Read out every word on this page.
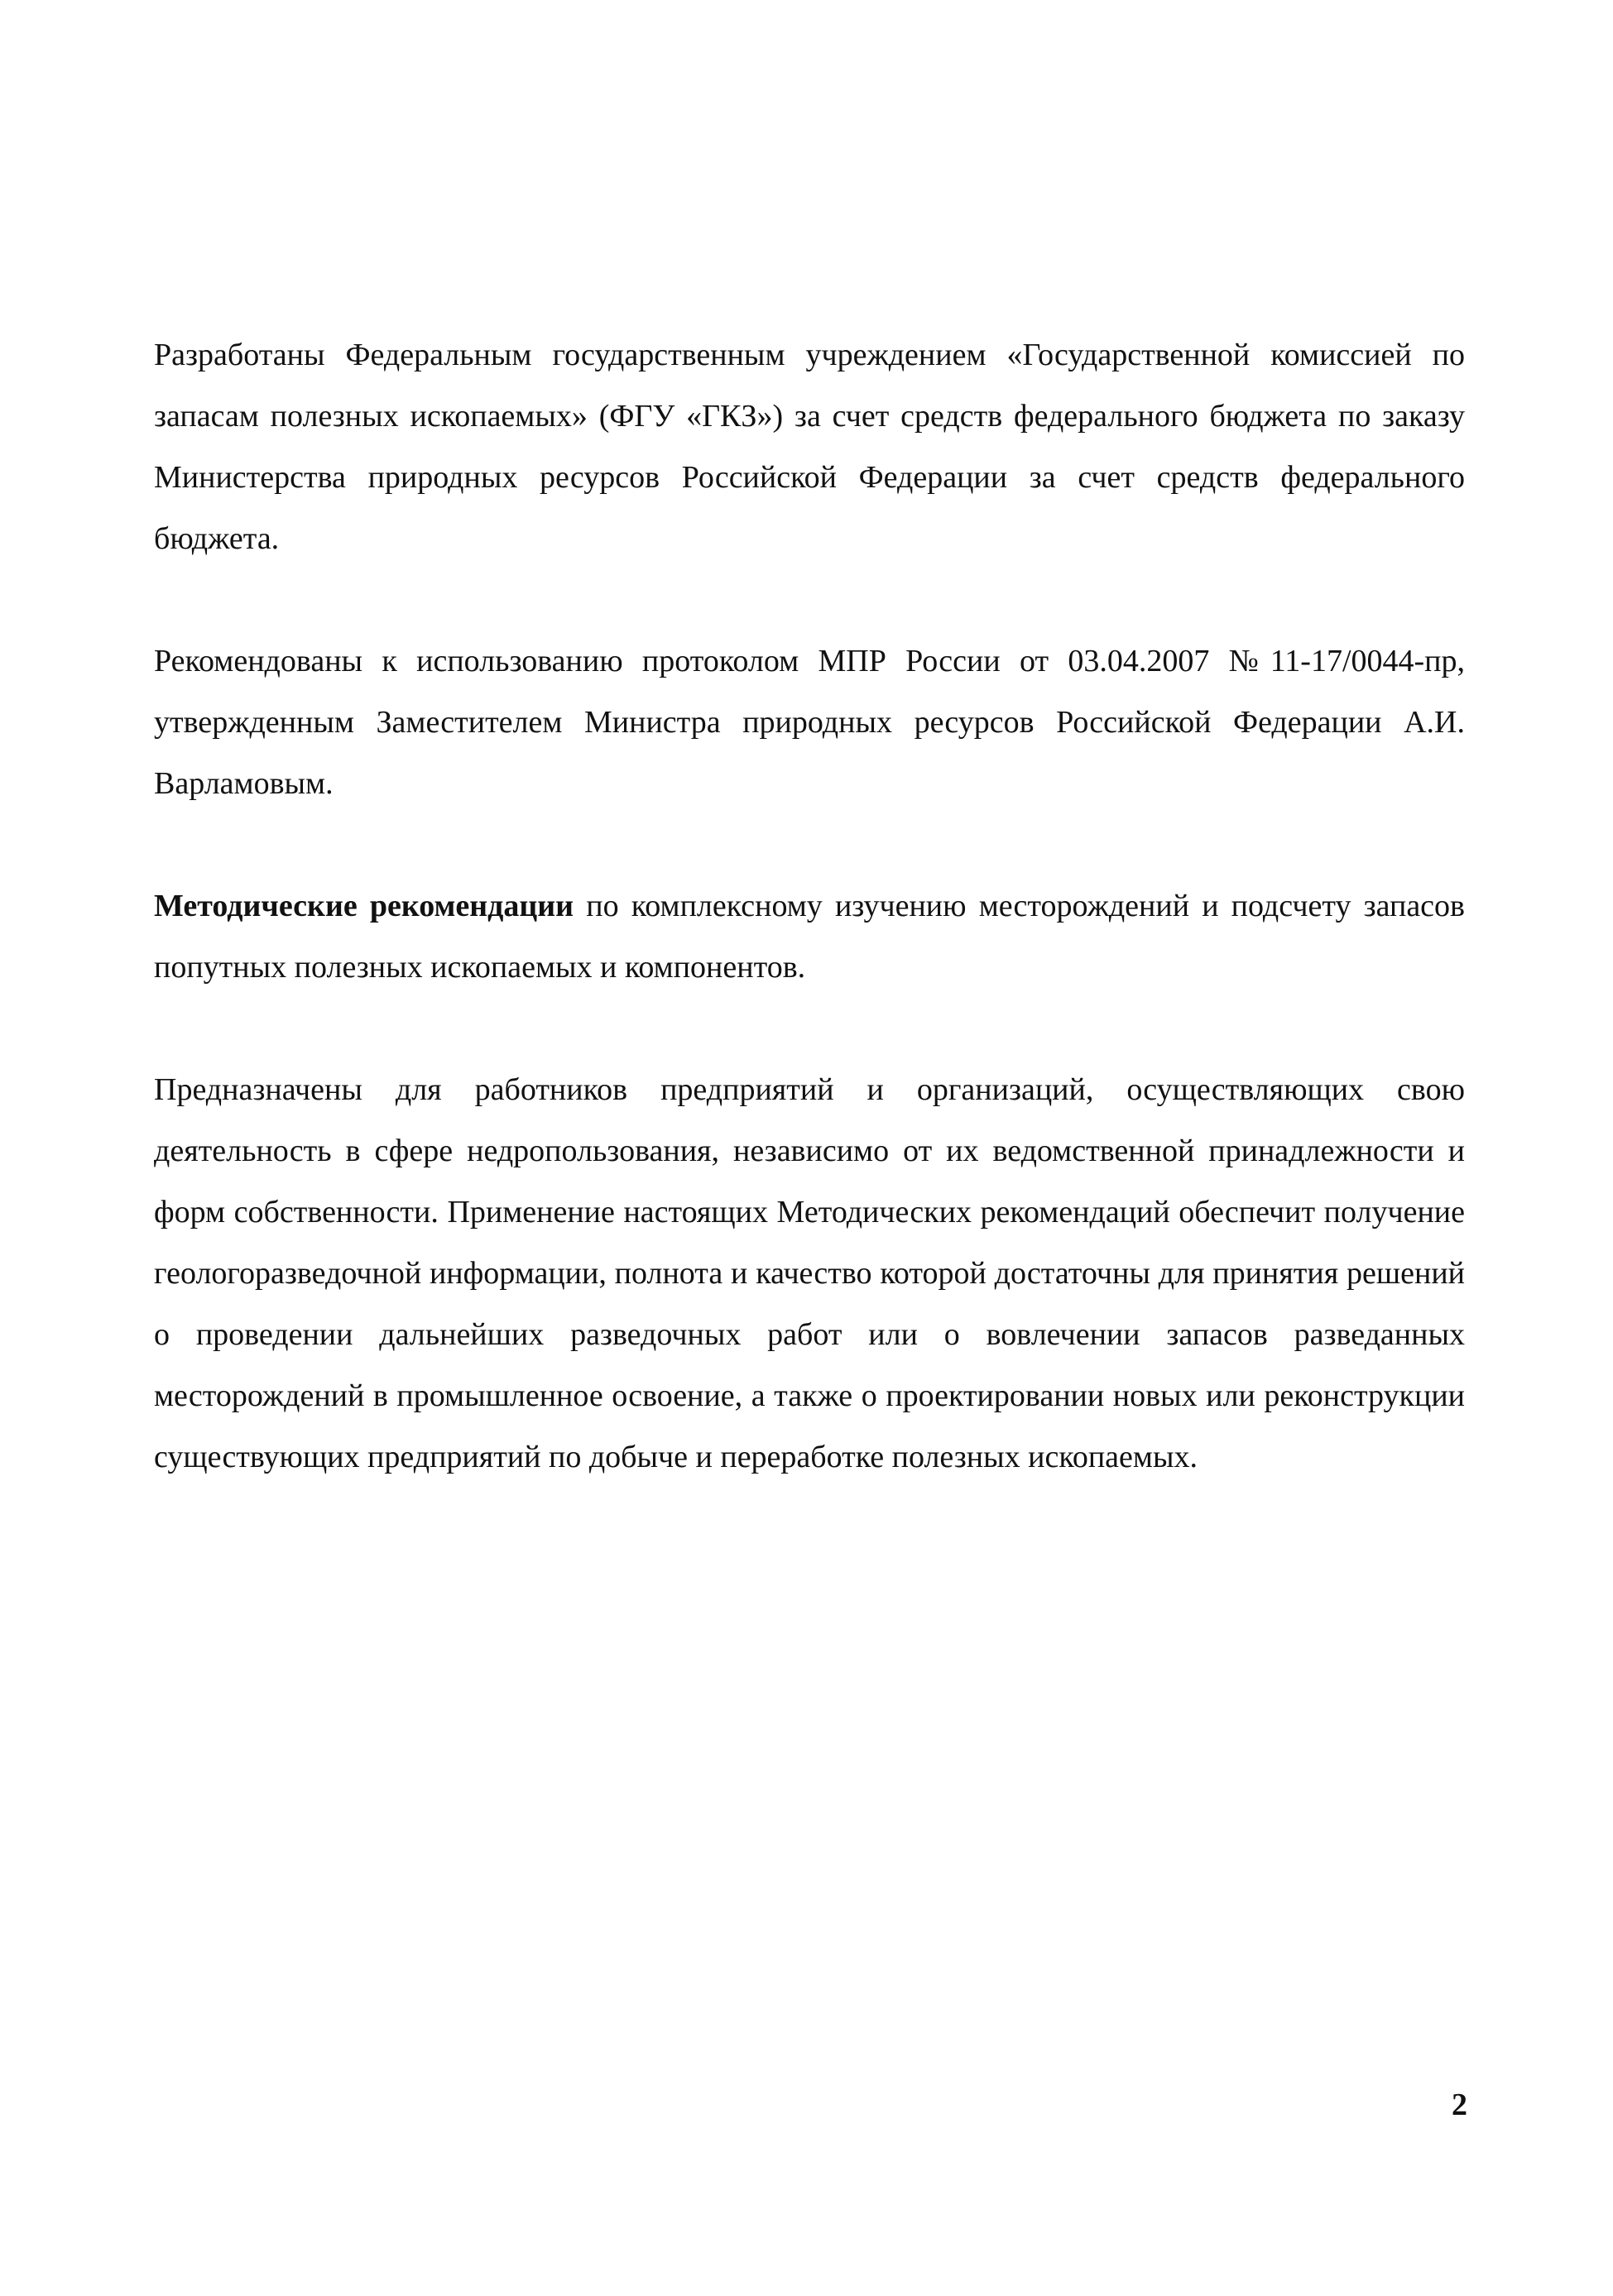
Разработаны Федеральным государственным учреждением «Государственной комиссией по запасам полезных ископаемых» (ФГУ «ГКЗ») за счет средств федерального бюджета по заказу Министерства природных ресурсов Российской Федерации за счет средств федерального бюджета.

Рекомендованы к использованию протоколом МПР России от 03.04.2007 №11-17/0044-пр, утвержденным Заместителем Министра природных ресурсов Российской Федерации А.И. Варламовым.

Методические рекомендации по комплексному изучению месторождений и подсчету запасов попутных полезных ископаемых и компонентов.

Предназначены для работников предприятий и организаций, осуществляющих свою деятельность в сфере недропользования, независимо от их ведомственной принадлежности и форм собственности. Применение настоящих Методических рекомендаций обеспечит получение геологоразведочной информации, полнота и качество которой достаточны для принятия решений о проведении дальнейших разведочных работ или о вовлечении запасов разведанных месторождений в промышленное освоение, а также о проектировании новых или реконструкции существующих предприятий по добыче и переработке полезных ископаемых.

2
